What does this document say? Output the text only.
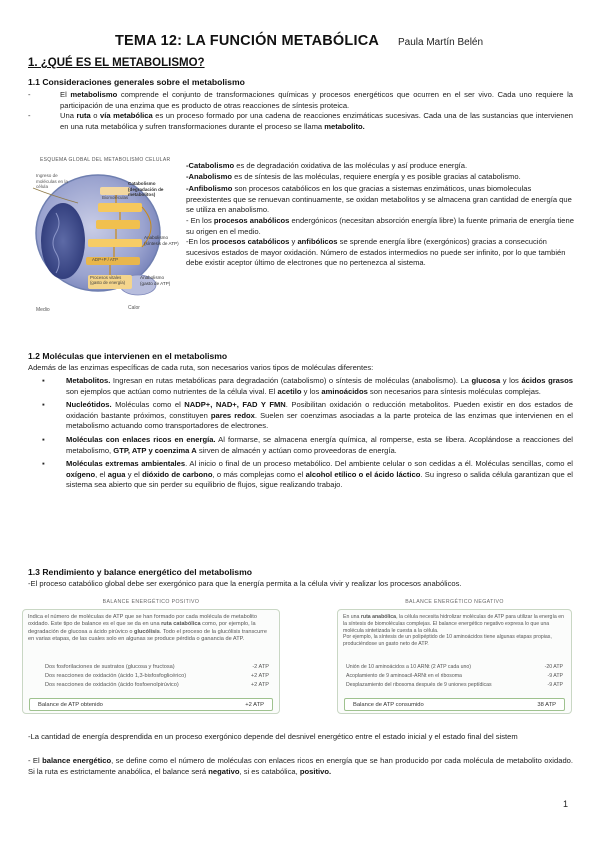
TEMA 12: LA FUNCIÓN METABÓLICA Paula Martín Belén
1. ¿QUÉ ES EL METABOLISMO?
1.1 Consideraciones generales sobre el metabolismo
- El metabolismo comprende el conjunto de transformaciones químicas y procesos energéticos que ocurren en el ser vivo. Cada uno requiere la participación de una enzima que es producto de otras reacciones de síntesis proteica.
- Una ruta o vía metabólica es un proceso formado por una cadena de reacciones enzimáticas sucesivas. Cada una de las sustancias que intervienen en una ruta metabólica y sufren transformaciones durante el proceso se llama metabolito.
ESQUEMA GLOBAL DEL METABOLISMO CELULAR
Ingreso de moléculas en la célula
Catabolismo (degradación de metabolitos)
Biomoléculas
Anabolismo (síntesis de ATP)
ADP+P / ATP
Anabolismo (gasto de ATP)
Procesos vitales (gasto de energía)
Medio	Calor
-Catabolismo es de degradación oxidativa de las moléculas y así produce energía.
-Anabolismo es de síntesis de las moléculas, requiere energía y es posible gracias al catabolismo.
-Anfibolismo son procesos catabólicos en los que gracias a sistemas enzimáticos, unas biomoleculas preexistentes que se renuevan continuamente, se oxidan metabolitos y se almacena gran cantidad de energía que se utiliza en anabolismo.
- En los procesos anabólicos endergónicos (necesitan absorción energía libre) la fuente primaria de energía tiene su origen en el medio.
-En los procesos catabólicos y anfibólicos se sprende energía libre (exergónicos) gracias a consecución sucesivos estados de mayor oxidación. Número de estados intermedios no puede ser infinito, por lo que también debe existir aceptor último de electrones que no pertenezca al sistema.
1.2 Moléculas que intervienen en el metabolismo
Además de las enzimas específicas de cada ruta, son necesarios varios tipos de moléculas diferentes:
▪ Metabolitos. Ingresan en rutas metabólicas para degradación (catabolismo) o síntesis de moléculas (anabolismo). La glucosa y los ácidos grasos son ejemplos que actúan como nutrientes de la célula vival. El acetilo y los aminoácidos son necesarios para síntesis moléculas complejas.
▪ Nucleótidos. Moléculas como el NADP+, NAD+, FAD Y FMN. Posibilitan oxidación o reducción metabolitos. Pueden existir en dos estados de oxidación bastante próximos, constituyen pares redox. Suelen ser coenzimas asociadas a la parte proteica de las enzimas que intervienen en el metabolismo actuando como transportadores de electrones.
▪ Moléculas con enlaces ricos en energía. Al formarse, se almacena energía química, al romperse, esta se libera. Acoplándose a reacciones del metabolismo, GTP, ATP y coenzima A sirven de almacén y actúan como proveedoras de energía.
▪ Moléculas extremas ambientales. Al inicio o final de un proceso metabólico. Del ambiente celular o son cedidas a él. Moléculas sencillas, como el oxígeno, el agua y el dióxido de carbono, o más complejas como el alcohol etílico o el ácido láctico. Su ingreso o salida célula garantizan que el sistema sea abierto que sin perder su equilibrio de flujos, sigue realizando trabajo.
1.3 Rendimiento y balance energético del metabolismo
-El proceso catabólico global debe ser exergónico para que la energía permita a la célula vivir y realizar los procesos anabólicos.
BALANCE ENERGÉTICO POSITIVO
Indica el número de moléculas de ATP que se han formado por cada molécula de metabolito oxidado. Este tipo de balance es el que se da en una ruta catabólica como, por ejemplo, la degradación de glucosa a ácido pirúvico o glucólisis. Todo el proceso de la glucólisis transcurre en varias etapas, de las cuales solo en algunas se produce pérdida o ganancia de ATP.
Dos fosforilaciones de sustratos (glucosa y fructosa)	-2 ATP
Dos reacciones de oxidación (ácido 1,3-bisfosfoglicérico)	+2 ATP
Dos reacciones de oxidación (ácido fosfoenolpirúvico)	+2 ATP
Balance de ATP obtenido	+2 ATP
BALANCE ENERGÉTICO NEGATIVO
En una ruta anabólica, la célula necesita hidrolizar moléculas de ATP para utilizar la energía en la síntesis de biomoléculas complejas. El balance energético negativo expresa lo que una molécula sintetizada le cuesta a la célula.
Por ejemplo, la síntesis de un polipéptido de 10 aminoácidos tiene algunas etapas propias, produciéndose un gasto neto de ATP.
Unión de 10 aminoácidos a 10 ARNt (2 ATP cada uno)	-20 ATP
Acoplamiento de 9 aminoacil-ARNt en el ribosoma	-9 ATP
Desplazamiento del ribosoma después de 9 uniones peptídicas	-9 ATP
Balance de ATP consumido	38 ATP
-La cantidad de energía desprendida en un proceso exergónico depende del desnivel energético entre el estado inicial y el estado final del sistem
- El balance energético, se define como el número de moléculas con enlaces ricos en energía que se han producido por cada molécula de metabolito oxidado. Si la ruta es estrictamente anabólica, el balance será negativo, si es catabólica, positivo.
1
